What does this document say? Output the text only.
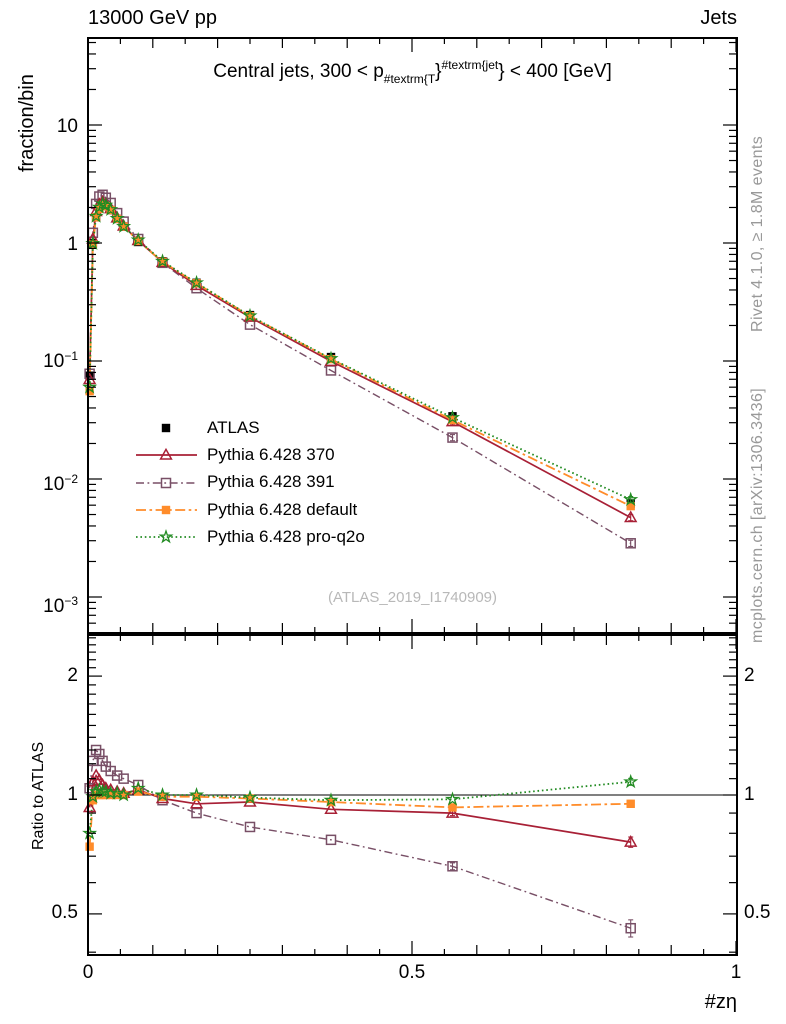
13000 GeV pp	Jets
Central jets, $300 < p_{\#textrm\{T}\}^{\#textrm\{jet}\} < 400$ [GeV]
fraction/bin
Ratio to ATLAS
Rivet 4.1.0, ≥ 1.8M events
mcplots.cern.ch [arXiv:1306.3436]
10
1
$10^{-1}$
$10^{-2}$
$10^{-3}$
2
1
0.5
2
1
0.5
0	0.5	1
#zη
ATLAS
Pythia 6.428 370
Pythia 6.428 391
Pythia 6.428 default
Pythia 6.428 pro-q2o
(ATLAS_2019_I1740909)
